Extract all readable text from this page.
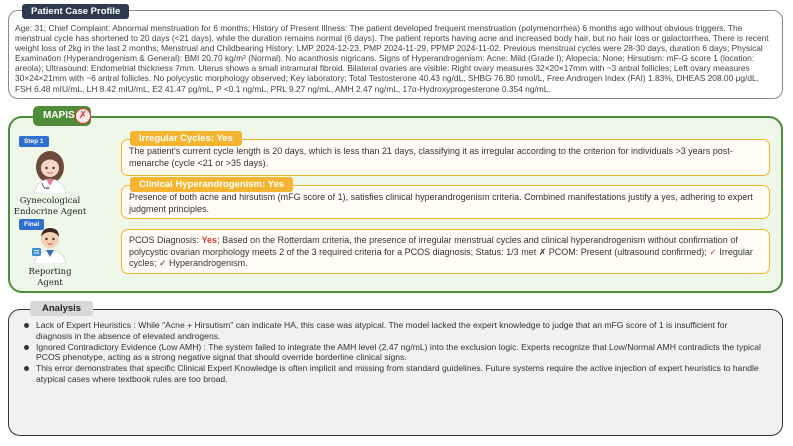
Patient Case Profile
Age: 31; Chief Complaint: Abnormal menstruation for 6 months; History of Present Illness: The patient developed frequent menstruation (polymenorrhea) 6 months ago without obvious triggers. The menstrual cycle has shortened to 20 days (<21 days), while the duration remains normal (6 days). The patient reports having acne and increased body hair, but no hair loss or galactorrhea. There is recent weight loss of 2kg in the last 2 months; Menstrual and Childbearing History: LMP 2024-12-23, PMP 2024-11-29, PPMP 2024-11-02. Previous menstrual cycles were 28-30 days, duration 6 days; Physical Examination (Hyperandrogenism & General): BMI 20.70 kg/m² (Normal). No acanthosis nigricans. Signs of Hyperandrogenism: Acne: Mild (Grade I); Alopecia: None; Hirsutism: mF-G score 1 (location: areola); Ultrasound: Endometrial thickness 7mm. Uterus shows a small intramural fibroid. Bilateral ovaries are visible: Right ovary measures 32×20×17mm with ~3 antral follicles; Left ovary measures 30×24×21mm with ~6 antral follicles. No polycystic morphology observed; Key laboratory: Total Testosterone 40.43 ng/dL, SHBG 76.80 nmol/L, Free Androgen Index (FAI) 1.83%, DHEAS 208.00 μg/dL, FSH 6.48 mIU/mL, LH 8.42 mIU/mL, E2 41.47 pg/mL, P <0.1 ng/mL, PRL 9.27 ng/mL, AMH 2.47 ng/mL, 17α-Hydroxyprogesterone 0.354 ng/mL.
MAPIS ✗
Step 1
Gynecological
Endocrine Agent
Irregular Cycles: Yes
The patient's current cycle length is 20 days, which is less than 21 days, classifying it as irregular according to the criterion for individuals >3 years post-menarche (cycle <21 or >35 days).
Clinical Hyperandrogenism: Yes
Presence of both acne and hirsutism (mFG score of 1), satisfies clinical hyperandrogenism criteria. Combined manifestations justify a yes, adhering to expert judgment principles.
Final
Reporting
Agent
PCOS Diagnosis: Yes; Based on the Rotterdam criteria, the presence of irregular menstrual cycles and clinical hyperandrogenism without confirmation of polycystic ovarian morphology meets 2 of the 3 required criteria for a PCOS diagnosis; Status: 1/3 met ✗ PCOM: Present (ultrasound confirmed); ✓ Irregular cycles; ✓ Hyperandrogenism.
Analysis
Lack of Expert Heuristics : While "Acne + Hirsutism" can indicate HA, this case was atypical. The model lacked the expert knowledge to judge that an mFG score of 1 is insufficient for diagnosis in the absence of elevated androgens.
Ignored Contradictory Evidence (Low AMH) : The system failed to integrate the AMH level (2.47 ng/mL) into the exclusion logic. Experts recognize that Low/Normal AMH contradicts the typical PCOS phenotype, acting as a strong negative signal that should override borderline clinical signs.
This error demonstrates that specific Clinical Expert Knowledge is often implicit and missing from standard guidelines. Future systems require the active injection of expert heuristics to handle atypical cases where textbook rules are too broad.
